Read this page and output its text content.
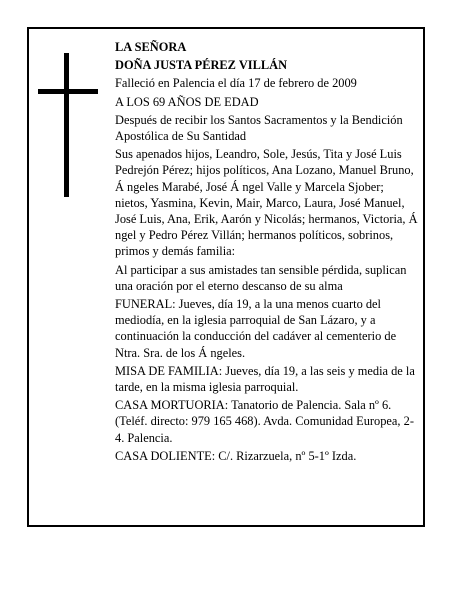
LA SEÑORA

DOÑA JUSTA PÉREZ VILLÁN

Falleció en Palencia el día 17 de febrero de 2009

A LOS 69 AÑOS DE EDAD

Después de recibir los Santos Sacramentos y la Bendición Apostólica de Su Santidad

Sus apenados hijos, Leandro, Sole, Jesús, Tita y José Luis Pedrejón Pérez; hijos políticos, Ana Lozano, Manuel Bruno, Á ngeles Marabé, José Á ngel Valle y Marcela Sjober; nietos, Yasmina, Kevin, Mair, Marco, Laura, José Manuel, José Luis, Ana, Erik, Aarón y Nicolás; hermanos, Victoria, Á ngel y Pedro Pérez Villán; hermanos políticos, sobrinos, primos y demás familia:

Al participar a sus amistades tan sensible pérdida, suplican una oración por el eterno descanso de su alma

FUNERAL: Jueves, día 19, a la una menos cuarto del mediodía, en la iglesia parroquial de San Lázaro, y a continuación la conducción del cadáver al cementerio de Ntra. Sra. de los Á ngeles.

MISA DE FAMILIA: Jueves, día 19, a las seis y media de la tarde, en la misma iglesia parroquial.

CASA MORTUORIA: Tanatorio de Palencia. Sala nº 6. (Teléf. directo: 979 165 468). Avda. Comunidad Europea, 2-4. Palencia.

CASA DOLIENTE: C/. Rizarzuela, nº 5-1º Izda.
